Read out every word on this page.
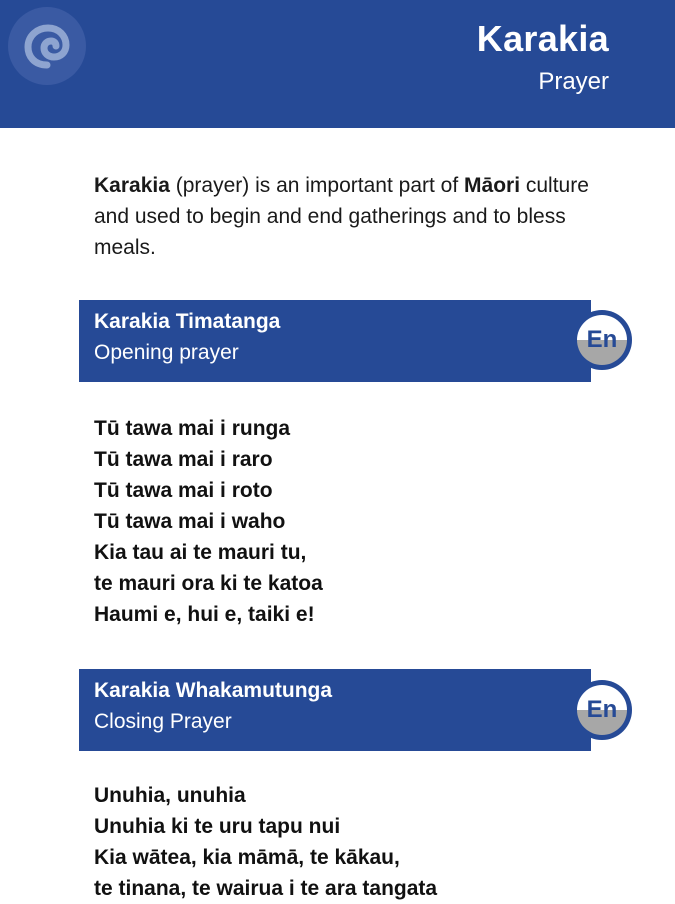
Karakia
Prayer
Karakia (prayer) is an important part of Māori culture and used to begin and end gatherings and to bless meals.
Karakia Timatanga
Opening prayer	En
Tū tawa mai i runga
Tū tawa mai i raro
Tū tawa mai i roto
Tū tawa mai i waho
Kia tau ai te mauri tu,
te mauri ora ki te katoa
Haumi e, hui e, taiki e!
Karakia Whakamutunga
Closing Prayer	En
Unuhia, unuhia
Unuhia ki te uru tapu nui
Kia wātea, kia māmā, te kākau,
te tinana, te wairua i te ara tangata
